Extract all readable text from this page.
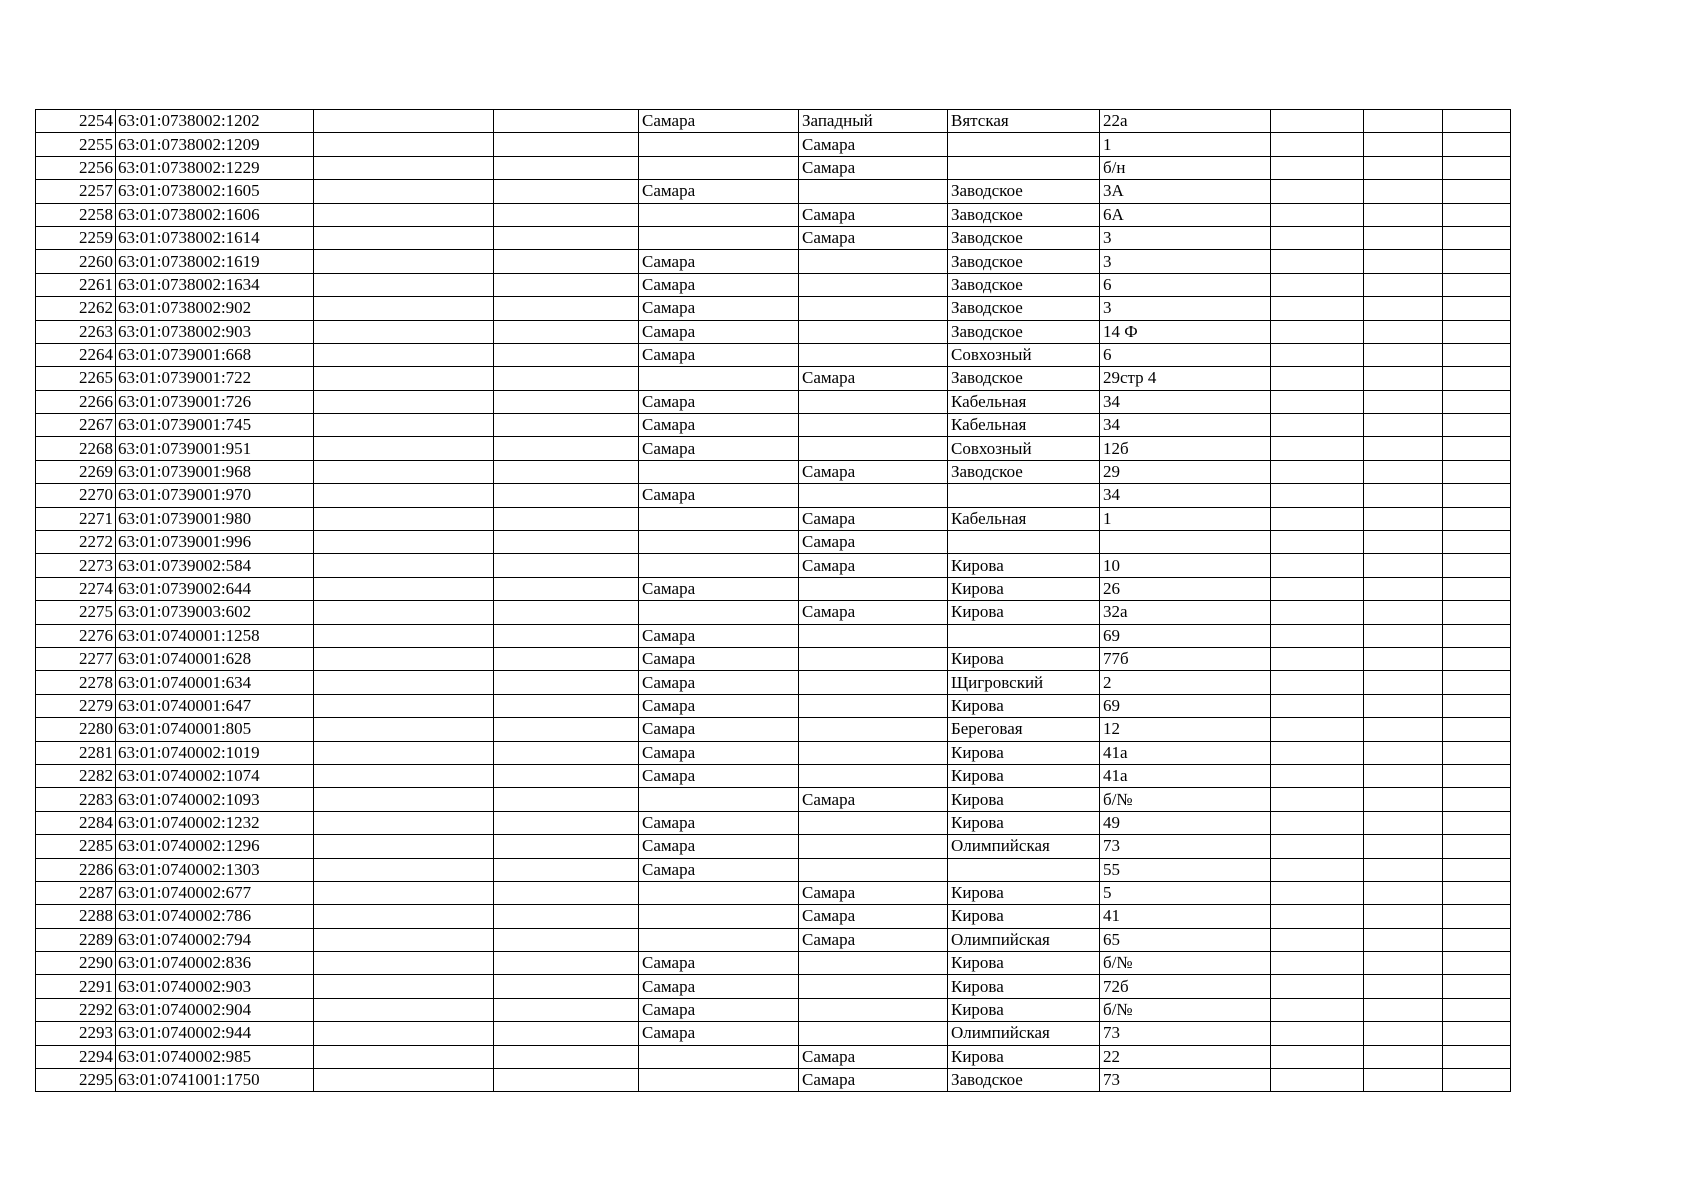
2254	63:01:0738002:1202			Самара	Западный	Вятская	22а			
2255	63:01:0738002:1209				Самара		1			
2256	63:01:0738002:1229				Самара		б/н			
2257	63:01:0738002:1605			Самара		Заводское	3А			
2258	63:01:0738002:1606				Самара	Заводское	6А			
2259	63:01:0738002:1614				Самара	Заводское	3			
2260	63:01:0738002:1619			Самара		Заводское	3			
2261	63:01:0738002:1634			Самара		Заводское	6			
2262	63:01:0738002:902			Самара		Заводское	3			
2263	63:01:0738002:903			Самара		Заводское	14 Ф			
2264	63:01:0739001:668			Самара		Совхозный	6			
2265	63:01:0739001:722				Самара	Заводское	29стр 4			
2266	63:01:0739001:726			Самара		Кабельная	34			
2267	63:01:0739001:745			Самара		Кабельная	34			
2268	63:01:0739001:951			Самара		Совхозный	12б			
2269	63:01:0739001:968				Самара	Заводское	29			
2270	63:01:0739001:970			Самара			34			
2271	63:01:0739001:980				Самара	Кабельная	1			
2272	63:01:0739001:996				Самара					
2273	63:01:0739002:584				Самара	Кирова	10			
2274	63:01:0739002:644			Самара		Кирова	26			
2275	63:01:0739003:602				Самара	Кирова	32а			
2276	63:01:0740001:1258			Самара			69			
2277	63:01:0740001:628			Самара		Кирова	77б			
2278	63:01:0740001:634			Самара		Щигровский	2			
2279	63:01:0740001:647			Самара		Кирова	69			
2280	63:01:0740001:805			Самара		Береговая	12			
2281	63:01:0740002:1019			Самара		Кирова	41а			
2282	63:01:0740002:1074			Самара		Кирова	41а			
2283	63:01:0740002:1093				Самара	Кирова	б/№			
2284	63:01:0740002:1232			Самара		Кирова	49			
2285	63:01:0740002:1296			Самара		Олимпийская	73			
2286	63:01:0740002:1303			Самара			55			
2287	63:01:0740002:677				Самара	Кирова	5			
2288	63:01:0740002:786				Самара	Кирова	41			
2289	63:01:0740002:794				Самара	Олимпийская	65			
2290	63:01:0740002:836			Самара		Кирова	б/№			
2291	63:01:0740002:903			Самара		Кирова	72б			
2292	63:01:0740002:904			Самара		Кирова	б/№			
2293	63:01:0740002:944			Самара		Олимпийская	73			
2294	63:01:0740002:985				Самара	Кирова	22			
2295	63:01:0741001:1750				Самара	Заводское	73			
